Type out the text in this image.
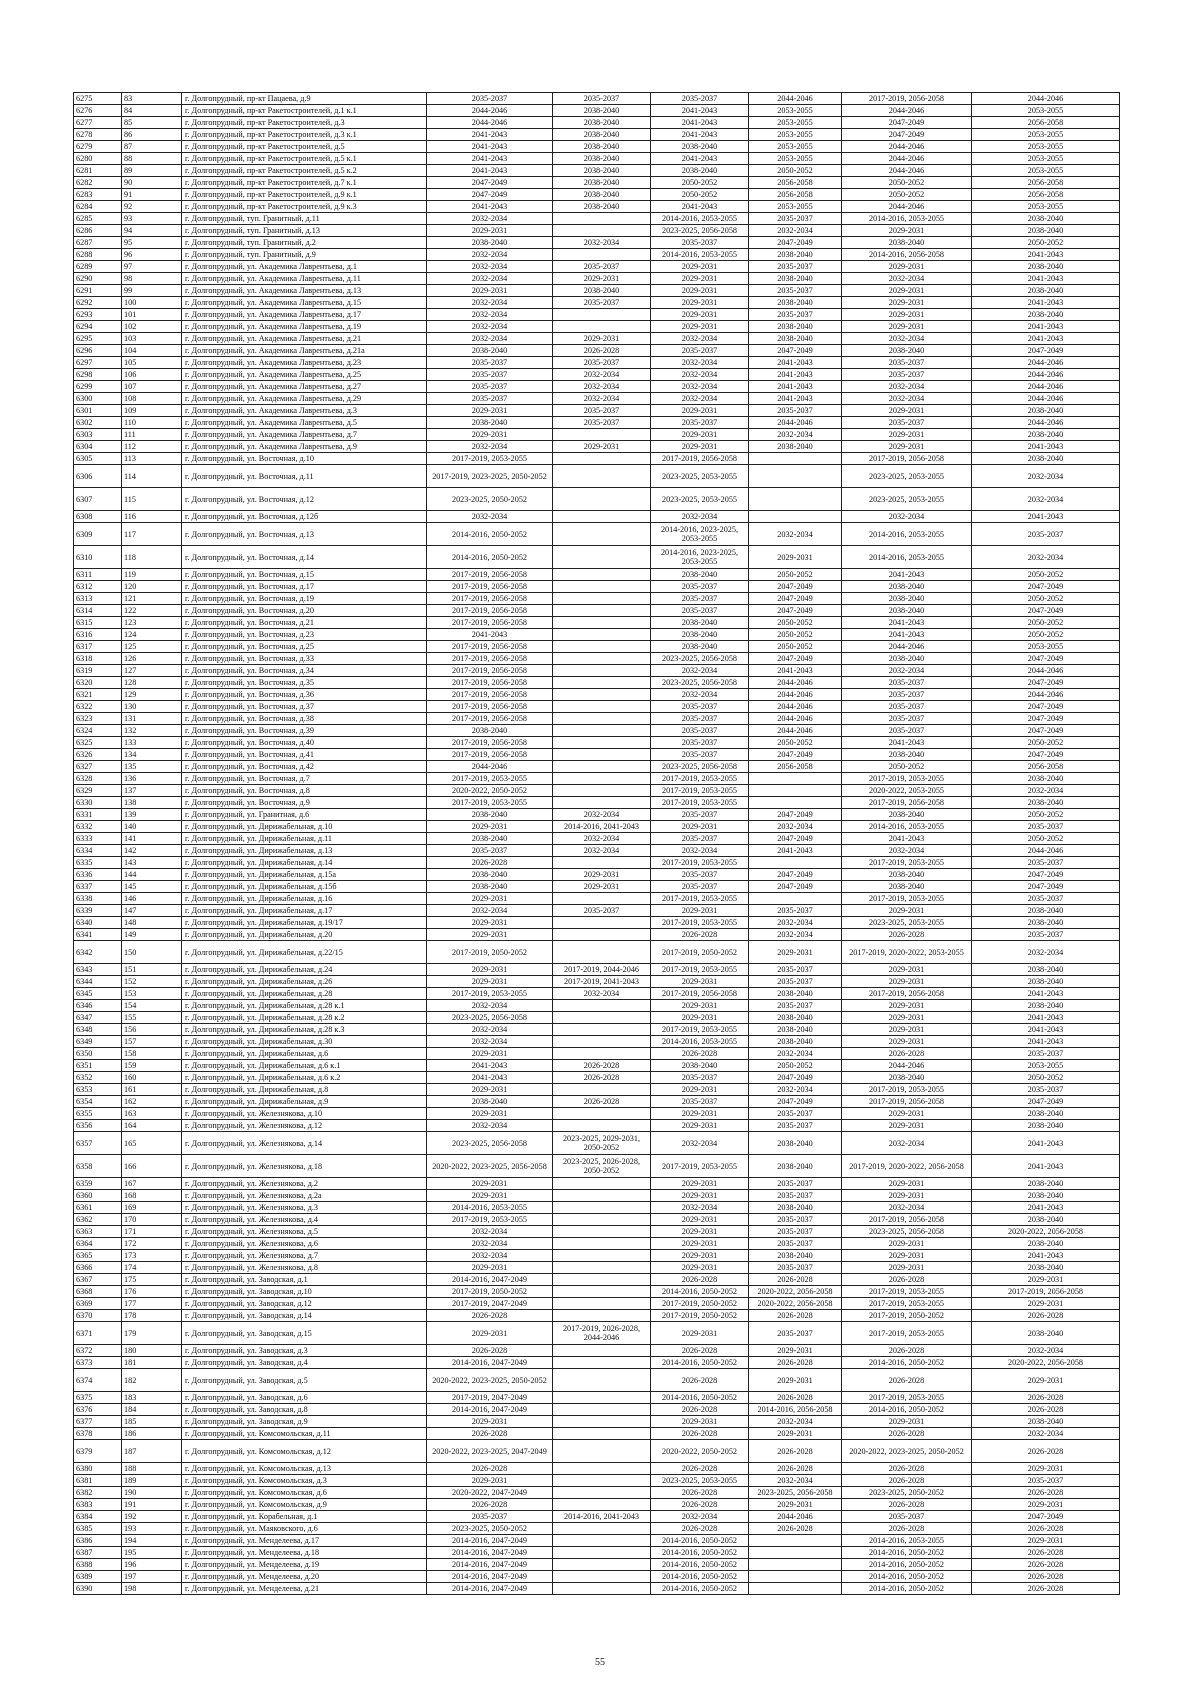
6275	83	г. Долгопрудный, пр-кт Пацаева, д.9	2035-2037	2035-2037	2035-2037	2044-2046	2017-2019, 2056-2058	2044-2046
6276	84	г. Долгопрудный, пр-кт Ракетостроителей, д.1 к.1	2044-2046	2038-2040	2041-2043	2053-2055	2044-2046	2053-2055
6277	85	г. Долгопрудный, пр-кт Ракетостроителей, д.3	2044-2046	2038-2040	2041-2043	2053-2055	2047-2049	2056-2058
6278	86	г. Долгопрудный, пр-кт Ракетостроителей, д.3 к.1	2041-2043	2038-2040	2041-2043	2053-2055	2047-2049	2053-2055
6279	87	г. Долгопрудный, пр-кт Ракетостроителей, д.5	2041-2043	2038-2040	2038-2040	2053-2055	2044-2046	2053-2055
6280	88	г. Долгопрудный, пр-кт Ракетостроителей, д.5 к.1	2041-2043	2038-2040	2041-2043	2053-2055	2044-2046	2053-2055
6281	89	г. Долгопрудный, пр-кт Ракетостроителей, д.5 к.2	2041-2043	2038-2040	2038-2040	2050-2052	2044-2046	2053-2055
6282	90	г. Долгопрудный, пр-кт Ракетостроителей, д.7 к.1	2047-2049	2038-2040	2050-2052	2056-2058	2050-2052	2056-2058
6283	91	г. Долгопрудный, пр-кт Ракетостроителей, д.9 к.1	2047-2049	2038-2040	2050-2052	2056-2058	2050-2052	2056-2058
6284	92	г. Долгопрудный, пр-кт Ракетостроителей, д.9 к.3	2041-2043	2038-2040	2041-2043	2053-2055	2044-2046	2053-2055
6285	93	г. Долгопрудный, туп. Гранитный, д.11	2032-2034		2014-2016, 2053-2055	2035-2037	2014-2016, 2053-2055	2038-2040
6286	94	г. Долгопрудный, туп. Гранитный, д.13	2029-2031		2023-2025, 2056-2058	2032-2034	2029-2031	2038-2040
6287	95	г. Долгопрудный, туп. Гранитный, д.2	2038-2040	2032-2034	2035-2037	2047-2049	2038-2040	2050-2052
6288	96	г. Долгопрудный, туп. Гранитный, д.9	2032-2034		2014-2016, 2053-2055	2038-2040	2014-2016, 2056-2058	2041-2043
6289	97	г. Долгопрудный, ул. Академика Лаврентьева, д.1	2032-2034	2035-2037	2029-2031	2035-2037	2029-2031	2038-2040
6290	98	г. Долгопрудный, ул. Академика Лаврентьева, д.11	2032-2034	2029-2031	2029-2031	2038-2040	2032-2034	2041-2043
6291	99	г. Долгопрудный, ул. Академика Лаврентьева, д.13	2029-2031	2038-2040	2029-2031	2035-2037	2029-2031	2038-2040
6292	100	г. Долгопрудный, ул. Академика Лаврентьева, д.15	2032-2034	2035-2037	2029-2031	2038-2040	2029-2031	2041-2043
6293	101	г. Долгопрудный, ул. Академика Лаврентьева, д.17	2032-2034		2029-2031	2035-2037	2029-2031	2038-2040
6294	102	г. Долгопрудный, ул. Академика Лаврентьева, д.19	2032-2034		2029-2031	2038-2040	2029-2031	2041-2043
6295	103	г. Долгопрудный, ул. Академика Лаврентьева, д.21	2032-2034	2029-2031	2032-2034	2038-2040	2032-2034	2041-2043
6296	104	г. Долгопрудный, ул. Академика Лаврентьева, д.21а	2038-2040	2026-2028	2035-2037	2047-2049	2038-2040	2047-2049
6297	105	г. Долгопрудный, ул. Академика Лаврентьева, д.23	2035-2037	2035-2037	2032-2034	2041-2043	2035-2037	2044-2046
6298	106	г. Долгопрудный, ул. Академика Лаврентьева, д.25	2035-2037	2032-2034	2032-2034	2041-2043	2035-2037	2044-2046
6299	107	г. Долгопрудный, ул. Академика Лаврентьева, д.27	2035-2037	2032-2034	2032-2034	2041-2043	2032-2034	2044-2046
6300	108	г. Долгопрудный, ул. Академика Лаврентьева, д.29	2035-2037	2032-2034	2032-2034	2041-2043	2032-2034	2044-2046
6301	109	г. Долгопрудный, ул. Академика Лаврентьева, д.3	2029-2031	2035-2037	2029-2031	2035-2037	2029-2031	2038-2040
6302	110	г. Долгопрудный, ул. Академика Лаврентьева, д.5	2038-2040	2035-2037	2035-2037	2044-2046	2035-2037	2044-2046
6303	111	г. Долгопрудный, ул. Академика Лаврентьева, д.7	2029-2031		2029-2031	2032-2034	2029-2031	2038-2040
6304	112	г. Долгопрудный, ул. Академика Лаврентьева, д.9	2032-2034	2029-2031	2029-2031	2038-2040	2029-2031	2041-2043
6305	113	г. Долгопрудный, ул. Восточная, д.10	2017-2019, 2053-2055		2017-2019, 2056-2058		2017-2019, 2056-2058	2038-2040
6306	114	г. Долгопрудный, ул. Восточная, д.11	2017-2019, 2023-2025, 2050-2052		2023-2025, 2053-2055		2023-2025, 2053-2055	2032-2034
6307	115	г. Долгопрудный, ул. Восточная, д.12	2023-2025, 2050-2052		2023-2025, 2053-2055		2023-2025, 2053-2055	2032-2034
6308	116	г. Долгопрудный, ул. Восточная, д.12б	2032-2034		2032-2034		2032-2034	2041-2043
6309	117	г. Долгопрудный, ул. Восточная, д.13	2014-2016, 2050-2052		2014-2016, 2023-2025, 2053-2055	2032-2034	2014-2016, 2053-2055	2035-2037
6310	118	г. Долгопрудный, ул. Восточная, д.14	2014-2016, 2050-2052		2014-2016, 2023-2025, 2053-2055	2029-2031	2014-2016, 2053-2055	2032-2034
6311	119	г. Долгопрудный, ул. Восточная, д.15	2017-2019, 2056-2058		2038-2040	2050-2052	2041-2043	2050-2052
6312	120	г. Долгопрудный, ул. Восточная, д.17	2017-2019, 2056-2058		2035-2037	2047-2049	2038-2040	2047-2049
6313	121	г. Долгопрудный, ул. Восточная, д.19	2017-2019, 2056-2058		2035-2037	2047-2049	2038-2040	2050-2052
6314	122	г. Долгопрудный, ул. Восточная, д.20	2017-2019, 2056-2058		2035-2037	2047-2049	2038-2040	2047-2049
6315	123	г. Долгопрудный, ул. Восточная, д.21	2017-2019, 2056-2058		2038-2040	2050-2052	2041-2043	2050-2052
6316	124	г. Долгопрудный, ул. Восточная, д.23	2041-2043		2038-2040	2050-2052	2041-2043	2050-2052
6317	125	г. Долгопрудный, ул. Восточная, д.25	2017-2019, 2056-2058		2038-2040	2050-2052	2044-2046	2053-2055
6318	126	г. Долгопрудный, ул. Восточная, д.33	2017-2019, 2056-2058		2023-2025, 2056-2058	2047-2049	2038-2040	2047-2049
6319	127	г. Долгопрудный, ул. Восточная, д.34	2017-2019, 2056-2058		2032-2034	2041-2043	2032-2034	2044-2046
6320	128	г. Долгопрудный, ул. Восточная, д.35	2017-2019, 2056-2058		2023-2025, 2056-2058	2044-2046	2035-2037	2047-2049
6321	129	г. Долгопрудный, ул. Восточная, д.36	2017-2019, 2056-2058		2032-2034	2044-2046	2035-2037	2044-2046
6322	130	г. Долгопрудный, ул. Восточная, д.37	2017-2019, 2056-2058		2035-2037	2044-2046	2035-2037	2047-2049
6323	131	г. Долгопрудный, ул. Восточная, д.38	2017-2019, 2056-2058		2035-2037	2044-2046	2035-2037	2047-2049
6324	132	г. Долгопрудный, ул. Восточная, д.39	2038-2040		2035-2037	2044-2046	2035-2037	2047-2049
6325	133	г. Долгопрудный, ул. Восточная, д.40	2017-2019, 2056-2058		2035-2037	2050-2052	2041-2043	2050-2052
6326	134	г. Долгопрудный, ул. Восточная, д.41	2017-2019, 2056-2058		2035-2037	2047-2049	2038-2040	2047-2049
6327	135	г. Долгопрудный, ул. Восточная, д.42	2044-2046		2023-2025, 2056-2058	2056-2058	2050-2052	2056-2058
6328	136	г. Долгопрудный, ул. Восточная, д.7	2017-2019, 2053-2055		2017-2019, 2053-2055		2017-2019, 2053-2055	2038-2040
6329	137	г. Долгопрудный, ул. Восточная, д.8	2020-2022, 2050-2052		2017-2019, 2053-2055		2020-2022, 2053-2055	2032-2034
6330	138	г. Долгопрудный, ул. Восточная, д.9	2017-2019, 2053-2055		2017-2019, 2053-2055		2017-2019, 2056-2058	2038-2040
6331	139	г. Долгопрудный, ул. Гранитная, д.6	2038-2040	2032-2034	2035-2037	2047-2049	2038-2040	2050-2052
6332	140	г. Долгопрудный, ул. Дирижабельная, д.10	2029-2031	2014-2016, 2041-2043	2029-2031	2032-2034	2014-2016, 2053-2055	2035-2037
6333	141	г. Долгопрудный, ул. Дирижабельная, д.11	2038-2040	2032-2034	2035-2037	2047-2049	2041-2043	2050-2052
6334	142	г. Долгопрудный, ул. Дирижабельная, д.13	2035-2037	2032-2034	2032-2034	2041-2043	2032-2034	2044-2046
6335	143	г. Долгопрудный, ул. Дирижабельная, д.14	2026-2028		2017-2019, 2053-2055		2017-2019, 2053-2055	2035-2037
6336	144	г. Долгопрудный, ул. Дирижабельная, д.15а	2038-2040	2029-2031	2035-2037	2047-2049	2038-2040	2047-2049
6337	145	г. Долгопрудный, ул. Дирижабельная, д.15б	2038-2040	2029-2031	2035-2037	2047-2049	2038-2040	2047-2049
6338	146	г. Долгопрудный, ул. Дирижабельная, д.16	2029-2031		2017-2019, 2053-2055		2017-2019, 2053-2055	2035-2037
6339	147	г. Долгопрудный, ул. Дирижабельная, д.17	2032-2034	2035-2037	2029-2031	2035-2037	2029-2031	2038-2040
6340	148	г. Долгопрудный, ул. Дирижабельная, д.19/17	2029-2031		2017-2019, 2053-2055	2032-2034	2023-2025, 2053-2055	2038-2040
6341	149	г. Долгопрудный, ул. Дирижабельная, д.20	2029-2031		2026-2028	2032-2034	2026-2028	2035-2037
6342	150	г. Долгопрудный, ул. Дирижабельная, д.22/15	2017-2019, 2050-2052		2017-2019, 2050-2052	2029-2031	2017-2019, 2020-2022, 2053-2055	2032-2034
6343	151	г. Долгопрудный, ул. Дирижабельная, д.24	2029-2031	2017-2019, 2044-2046	2017-2019, 2053-2055	2035-2037	2029-2031	2038-2040
6344	152	г. Долгопрудный, ул. Дирижабельная, д.26	2029-2031	2017-2019, 2041-2043	2029-2031	2035-2037	2029-2031	2038-2040
6345	153	г. Долгопрудный, ул. Дирижабельная, д.28	2017-2019, 2053-2055	2032-2034	2017-2019, 2056-2058	2038-2040	2017-2019, 2056-2058	2041-2043
6346	154	г. Долгопрудный, ул. Дирижабельная, д.28 к.1	2032-2034		2029-2031	2035-2037	2029-2031	2038-2040
6347	155	г. Долгопрудный, ул. Дирижабельная, д.28 к.2	2023-2025, 2056-2058		2029-2031	2038-2040	2029-2031	2041-2043
6348	156	г. Долгопрудный, ул. Дирижабельная, д.28 к.3	2032-2034		2017-2019, 2053-2055	2038-2040	2029-2031	2041-2043
6349	157	г. Долгопрудный, ул. Дирижабельная, д.30	2032-2034		2014-2016, 2053-2055	2038-2040	2029-2031	2041-2043
6350	158	г. Долгопрудный, ул. Дирижабельная, д.6	2029-2031		2026-2028	2032-2034	2026-2028	2035-2037
6351	159	г. Долгопрудный, ул. Дирижабельная, д.6 к.1	2041-2043	2026-2028	2038-2040	2050-2052	2044-2046	2053-2055
6352	160	г. Долгопрудный, ул. Дирижабельная, д.6 к.2	2041-2043	2026-2028	2035-2037	2047-2049	2038-2040	2050-2052
6353	161	г. Долгопрудный, ул. Дирижабельная, д.8	2029-2031		2029-2031	2032-2034	2017-2019, 2053-2055	2035-2037
6354	162	г. Долгопрудный, ул. Дирижабельная, д.9	2038-2040	2026-2028	2035-2037	2047-2049	2017-2019, 2056-2058	2047-2049
6355	163	г. Долгопрудный, ул. Железнякова, д.10	2029-2031		2029-2031	2035-2037	2029-2031	2038-2040
6356	164	г. Долгопрудный, ул. Железнякова, д.12	2032-2034		2029-2031	2035-2037	2029-2031	2038-2040
6357	165	г. Долгопрудный, ул. Железнякова, д.14	2023-2025, 2056-2058	2023-2025, 2029-2031, 2050-2052	2032-2034	2038-2040	2032-2034	2041-2043
6358	166	г. Долгопрудный, ул. Железнякова, д.18	2020-2022, 2023-2025, 2056-2058	2023-2025, 2026-2028, 2050-2052	2017-2019, 2053-2055	2038-2040	2017-2019, 2020-2022, 2056-2058	2041-2043
6359	167	г. Долгопрудный, ул. Железнякова, д.2	2029-2031		2029-2031	2035-2037	2029-2031	2038-2040
6360	168	г. Долгопрудный, ул. Железнякова, д.2а	2029-2031		2029-2031	2035-2037	2029-2031	2038-2040
6361	169	г. Долгопрудный, ул. Железнякова, д.3	2014-2016, 2053-2055		2032-2034	2038-2040	2032-2034	2041-2043
6362	170	г. Долгопрудный, ул. Железнякова, д.4	2017-2019, 2053-2055		2029-2031	2035-2037	2017-2019, 2056-2058	2038-2040
6363	171	г. Долгопрудный, ул. Железнякова, д.5	2032-2034		2029-2031	2035-2037	2023-2025, 2056-2058	2020-2022, 2056-2058
6364	172	г. Долгопрудный, ул. Железнякова, д.6	2032-2034		2029-2031	2035-2037	2029-2031	2038-2040
6365	173	г. Долгопрудный, ул. Железнякова, д.7	2032-2034		2029-2031	2038-2040	2029-2031	2041-2043
6366	174	г. Долгопрудный, ул. Железнякова, д.8	2029-2031		2029-2031	2035-2037	2029-2031	2038-2040
6367	175	г. Долгопрудный, ул. Заводская, д.1	2014-2016, 2047-2049		2026-2028	2026-2028	2026-2028	2029-2031
6368	176	г. Долгопрудный, ул. Заводская, д.10	2017-2019, 2050-2052		2014-2016, 2050-2052	2020-2022, 2056-2058	2017-2019, 2053-2055	2017-2019, 2056-2058
6369	177	г. Долгопрудный, ул. Заводская, д.12	2017-2019, 2047-2049		2017-2019, 2050-2052	2020-2022, 2056-2058	2017-2019, 2053-2055	2029-2031
6370	178	г. Долгопрудный, ул. Заводская, д.14	2026-2028		2017-2019, 2050-2052	2026-2028	2017-2019, 2050-2052	2026-2028
6371	179	г. Долгопрудный, ул. Заводская, д.15	2029-2031	2017-2019, 2026-2028, 2044-2046	2029-2031	2035-2037	2017-2019, 2053-2055	2038-2040
6372	180	г. Долгопрудный, ул. Заводская, д.3	2026-2028		2026-2028	2029-2031	2026-2028	2032-2034
6373	181	г. Долгопрудный, ул. Заводская, д.4	2014-2016, 2047-2049		2014-2016, 2050-2052	2026-2028	2014-2016, 2050-2052	2020-2022, 2056-2058
6374	182	г. Долгопрудный, ул. Заводская, д.5	2020-2022, 2023-2025, 2050-2052		2026-2028	2029-2031	2026-2028	2029-2031
6375	183	г. Долгопрудный, ул. Заводская, д.6	2017-2019, 2047-2049		2014-2016, 2050-2052	2026-2028	2017-2019, 2053-2055	2026-2028
6376	184	г. Долгопрудный, ул. Заводская, д.8	2014-2016, 2047-2049		2026-2028	2014-2016, 2056-2058	2014-2016, 2050-2052	2026-2028
6377	185	г. Долгопрудный, ул. Заводская, д.9	2029-2031		2029-2031	2032-2034	2029-2031	2038-2040
6378	186	г. Долгопрудный, ул. Комсомольская, д.11	2026-2028		2026-2028	2029-2031	2026-2028	2032-2034
6379	187	г. Долгопрудный, ул. Комсомольская, д.12	2020-2022, 2023-2025, 2047-2049		2020-2022, 2050-2052	2026-2028	2020-2022, 2023-2025, 2050-2052	2026-2028
6380	188	г. Долгопрудный, ул. Комсомольская, д.13	2026-2028		2026-2028	2026-2028	2026-2028	2029-2031
6381	189	г. Долгопрудный, ул. Комсомольская, д.3	2029-2031		2023-2025, 2053-2055	2032-2034	2026-2028	2035-2037
6382	190	г. Долгопрудный, ул. Комсомольская, д.6	2020-2022, 2047-2049		2026-2028	2023-2025, 2056-2058	2023-2025, 2050-2052	2026-2028
6383	191	г. Долгопрудный, ул. Комсомольская, д.9	2026-2028		2026-2028	2029-2031	2026-2028	2029-2031
6384	192	г. Долгопрудный, ул. Корабельная, д.1	2035-2037	2014-2016, 2041-2043	2032-2034	2044-2046	2035-2037	2047-2049
6385	193	г. Долгопрудный, ул. Маяковского, д.6	2023-2025, 2050-2052		2026-2028	2026-2028	2026-2028	2026-2028
6386	194	г. Долгопрудный, ул. Менделеева, д.17	2014-2016, 2047-2049		2014-2016, 2050-2052		2014-2016, 2053-2055	2029-2031
6387	195	г. Долгопрудный, ул. Менделеева, д.18	2014-2016, 2047-2049		2014-2016, 2050-2052		2014-2016, 2050-2052	2026-2028
6388	196	г. Долгопрудный, ул. Менделеева, д.19	2014-2016, 2047-2049		2014-2016, 2050-2052		2014-2016, 2050-2052	2026-2028
6389	197	г. Долгопрудный, ул. Менделеева, д.20	2014-2016, 2047-2049		2014-2016, 2050-2052		2014-2016, 2050-2052	2026-2028
6390	198	г. Долгопрудный, ул. Менделеева, д.21	2014-2016, 2047-2049		2014-2016, 2050-2052		2014-2016, 2050-2052	2026-2028
55
